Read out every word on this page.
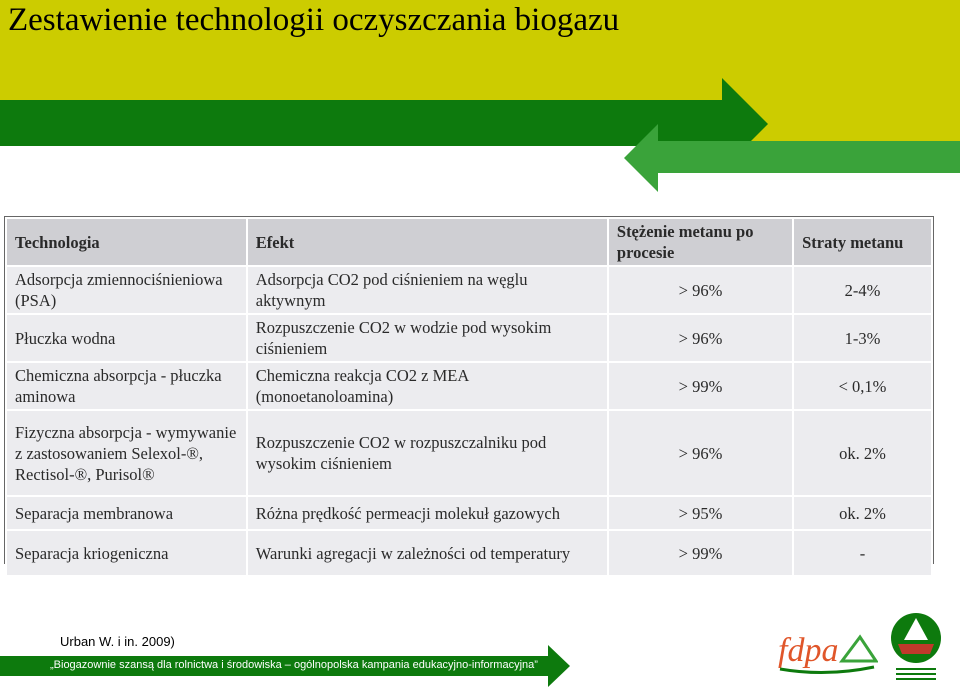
Zestawienie technologii oczyszczania biogazu
Technologia	Efekt	Stężenie metanu po procesie	Straty metanu
Adsorpcja zmiennociśnieniowa (PSA)	Adsorpcja CO2 pod ciśnieniem na węglu aktywnym	> 96%	2-4%
Płuczka wodna	Rozpuszczenie CO2 w wodzie pod wysokim ciśnieniem	> 96%	1-3%
Chemiczna absorpcja - płuczka aminowa	Chemiczna reakcja CO2 z MEA (monoetanoloamina)	> 99%	< 0,1%
Fizyczna absorpcja - wymywanie z zastosowaniem Selexol-®, Rectisol-®, Purisol®	Rozpuszczenie CO2 w rozpuszczalniku pod wysokim ciśnieniem	> 96%	ok. 2%
Separacja membranowa	Różna prędkość permeacji molekuł gazowych	> 95%	ok. 2%
Separacja kriogeniczna	Warunki agregacji w zależności od temperatury	> 99%	-

Urban W. i in. 2009)

„Biogazownie szansą dla rolnictwa i środowiska – ogólnopolska kampania edukacyjno-informacyjna”	fdpa
